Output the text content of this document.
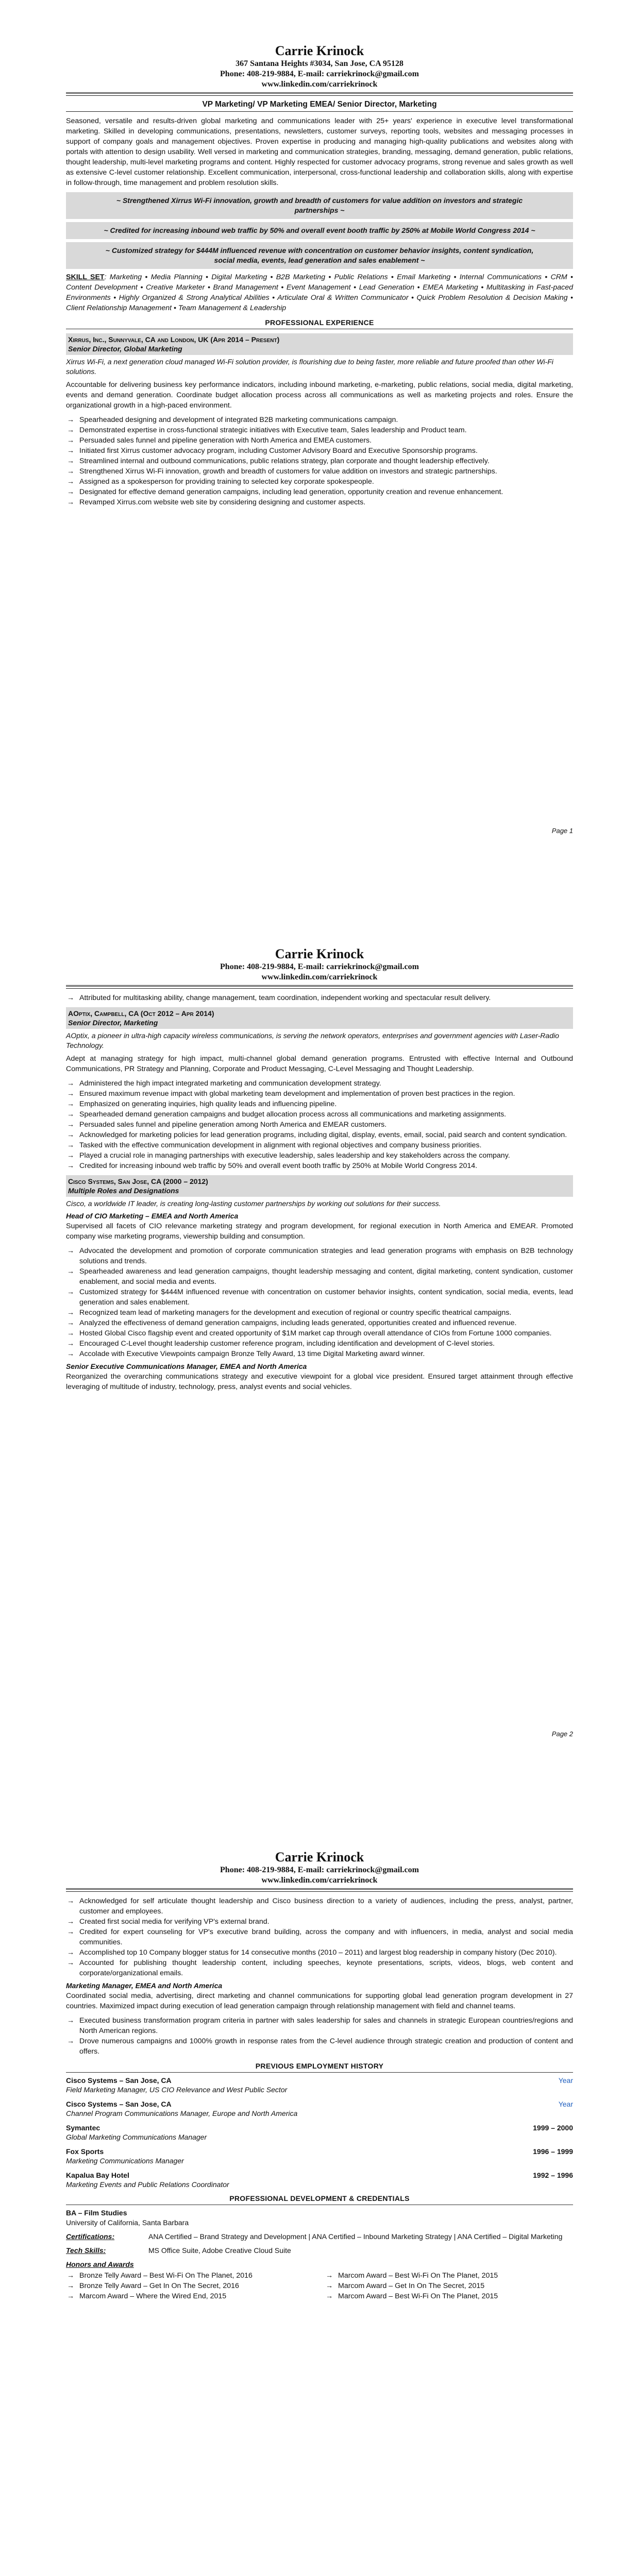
Carrie Krinock
367 Santana Heights #3034, San Jose, CA 95128
Phone: 408-219-9884, E-mail: carriekrinock@gmail.com
www.linkedin.com/carriekrinock
VP Marketing/ VP Marketing EMEA/ Senior Director, Marketing

Seasoned, versatile and results-driven global marketing and communications leader with 25+ years' experience in executive level transformational marketing. Skilled in developing communications, presentations, newsletters, customer surveys, reporting tools, websites and messaging processes in support of company goals and management objectives. Proven expertise in producing and managing high-quality publications and websites along with portals with attention to design usability. Well versed in marketing and communication strategies, branding, messaging, demand generation, public relations, thought leadership, multi-level marketing programs and content. Highly respected for customer advocacy programs, strong revenue and sales growth as well as extensive C-level customer relationship. Excellent communication, interpersonal, cross-functional leadership and collaboration skills, along with expertise in follow-through, time management and problem resolution skills.

~ Strengthened Xirrus Wi-Fi innovation, growth and breadth of customers for value addition on investors and strategic partnerships ~
~ Credited for increasing inbound web traffic by 50% and overall event booth traffic by 250% at Mobile World Congress 2014 ~
~ Customized strategy for $444M influenced revenue with concentration on customer behavior insights, content syndication, social media, events, lead generation and sales enablement ~
SKILL SET: Marketing • Media Planning • Digital Marketing • B2B Marketing • Public Relations • Email Marketing • Internal Communications • CRM • Content Development • Creative Marketer • Brand Management • Event Management • Lead Generation • EMEA Marketing • Multitasking in Fast-paced Environments • Highly Organized & Strong Analytical Abilities • Articulate Oral & Written Communicator • Quick Problem Resolution & Decision Making • Client Relationship Management • Team Management & Leadership
PROFESSIONAL EXPERIENCE
Xirrus, Inc., Sunnyvale, CA and London, UK (Apr 2014 – Present)
Senior Director, Global Marketing
Xirrus Wi-Fi, a next generation cloud managed Wi-Fi solution provider, is flourishing due to being faster, more reliable and future proofed than other Wi-Fi solutions.

Accountable for delivering business key performance indicators, including inbound marketing, e-marketing, public relations, social media, digital marketing, events and demand generation. Coordinate budget allocation process across all communications as well as marketing projects and roles. Ensure the organizational growth in a high-paced environment.

→ Spearheaded designing and development of integrated B2B marketing communications campaign.
→ Demonstrated expertise in cross-functional strategic initiatives with Executive team, Sales leadership and Product team.
→ Persuaded sales funnel and pipeline generation with North America and EMEA customers.
→ Initiated first Xirrus customer advocacy program, including Customer Advisory Board and Executive Sponsorship programs.
→ Streamlined internal and outbound communications, public relations strategy, plan corporate and thought leadership effectively.
→ Strengthened Xirrus Wi-Fi innovation, growth and breadth of customers for value addition on investors and strategic partnerships.
→ Assigned as a spokesperson for providing training to selected key corporate spokespeople.
→ Designated for effective demand generation campaigns, including lead generation, opportunity creation and revenue enhancement.
→ Revamped Xirrus.com website web site by considering designing and customer aspects.
Page 1
Carrie Krinock
Phone: 408-219-9884, E-mail: carriekrinock@gmail.com
www.linkedin.com/carriekrinock
→ Attributed for multitasking ability, change management, team coordination, independent working and spectacular result delivery.
AOptix, Campbell, CA (Oct 2012 – Apr 2014)
Senior Director, Marketing
AOptix, a pioneer in ultra-high capacity wireless communications, is serving the network operators, enterprises and government agencies with Laser-Radio Technology.

Adept at managing strategy for high impact, multi-channel global demand generation programs. Entrusted with effective Internal and Outbound Communications, PR Strategy and Planning, Corporate and Product Messaging, C-Level Messaging and Thought Leadership.

→ Administered the high impact integrated marketing and communication development strategy.
→ Ensured maximum revenue impact with global marketing team development and implementation of proven best practices in the region.
→ Emphasized on generating inquiries, high quality leads and influencing pipeline.
→ Spearheaded demand generation campaigns and budget allocation process across all communications and marketing assignments.
→ Persuaded sales funnel and pipeline generation among North America and EMEAR customers.
→ Acknowledged for marketing policies for lead generation programs, including digital, display, events, email, social, paid search and content syndication.
→ Tasked with the effective communication development in alignment with regional objectives and company business priorities.
→ Played a crucial role in managing partnerships with executive leadership, sales leadership and key stakeholders across the company.
→ Credited for increasing inbound web traffic by 50% and overall event booth traffic by 250% at Mobile World Congress 2014.
Cisco Systems, San Jose, CA (2000 – 2012)
Multiple Roles and Designations
Cisco, a worldwide IT leader, is creating long-lasting customer partnerships by working out solutions for their success.
Head of CIO Marketing – EMEA and North America

Supervised all facets of CIO relevance marketing strategy and program development, for regional execution in North America and EMEAR. Promoted company wise marketing programs, viewership building and consumption.

→ Advocated the development and promotion of corporate communication strategies and lead generation programs with emphasis on B2B technology solutions and trends.
→ Spearheaded awareness and lead generation campaigns, thought leadership messaging and content, digital marketing, content syndication, customer enablement, and social media and events.
→ Customized strategy for $444M influenced revenue with concentration on customer behavior insights, content syndication, social media, events, lead generation and sales enablement.
→ Recognized team lead of marketing managers for the development and execution of regional or country specific theatrical campaigns.
→ Analyzed the effectiveness of demand generation campaigns, including leads generated, opportunities created and influenced revenue.
→ Hosted Global Cisco flagship event and created opportunity of $1M market cap through overall attendance of CIOs from Fortune 1000 companies.
→ Encouraged C-Level thought leadership customer reference program, including identification and development of C-level stories.
→ Accolade with Executive Viewpoints campaign Bronze Telly Award, 13 time Digital Marketing award winner.
Senior Executive Communications Manager, EMEA and North America

Reorganized the overarching communications strategy and executive viewpoint for a global vice president. Ensured target attainment through effective leveraging of multitude of industry, technology, press, analyst events and social vehicles.

Page 2
Carrie Krinock
Phone: 408-219-9884, E-mail: carriekrinock@gmail.com
www.linkedin.com/carriekrinock
→ Acknowledged for self articulate thought leadership and Cisco business direction to a variety of audiences, including the press, analyst, partner, customer and employees.
→ Created first social media for verifying VP's external brand.
→ Credited for expert counseling for VP's executive brand building, across the company and with influencers, in media, analyst and social media communities.
→ Accomplished top 10 Company blogger status for 14 consecutive months (2010 – 2011) and largest blog readership in company history (Dec 2010).
→ Accounted for publishing thought leadership content, including speeches, keynote presentations, scripts, videos, blogs, web content and corporate/organizational emails.
Marketing Manager, EMEA and North America

Coordinated social media, advertising, direct marketing and channel communications for supporting global lead generation program development in 27 countries. Maximized impact during execution of lead generation campaign through relationship management with field and channel teams.

→ Executed business transformation program criteria in partner with sales leadership for sales and channels in strategic European countries/regions and North American regions.
→ Drove numerous campaigns and 1000% growth in response rates from the C-level audience through strategic creation and production of content and offers.
PREVIOUS EMPLOYMENT HISTORY
Cisco Systems – San Jose, CA	Year
Field Marketing Manager, US CIO Relevance and West Public Sector
Cisco Systems – San Jose, CA	Year
Channel Program Communications Manager, Europe and North America
Symantec	1999 – 2000
Global Marketing Communications Manager
Fox Sports	1996 – 1999
Marketing Communications Manager
Kapalua Bay Hotel	1992 – 1996
Marketing Events and Public Relations Coordinator
PROFESSIONAL DEVELOPMENT & CREDENTIALS
BA – Film Studies
University of California, Santa Barbara
Certifications:	ANA Certified – Brand Strategy and Development | ANA Certified – Inbound Marketing Strategy | ANA Certified – Digital Marketing
Tech Skills:	MS Office Suite, Adobe Creative Cloud Suite
Honors and Awards
→ Bronze Telly Award – Best Wi-Fi On The Planet, 2016
→ Bronze Telly Award – Get In On The Secret, 2016
→ Marcom Award – Where the Wired End, 2015
→ Marcom Award – Best Wi-Fi On The Planet, 2015
→ Marcom Award – Get In On The Secret, 2015
→ Marcom Award – Best Wi-Fi On The Planet, 2015
